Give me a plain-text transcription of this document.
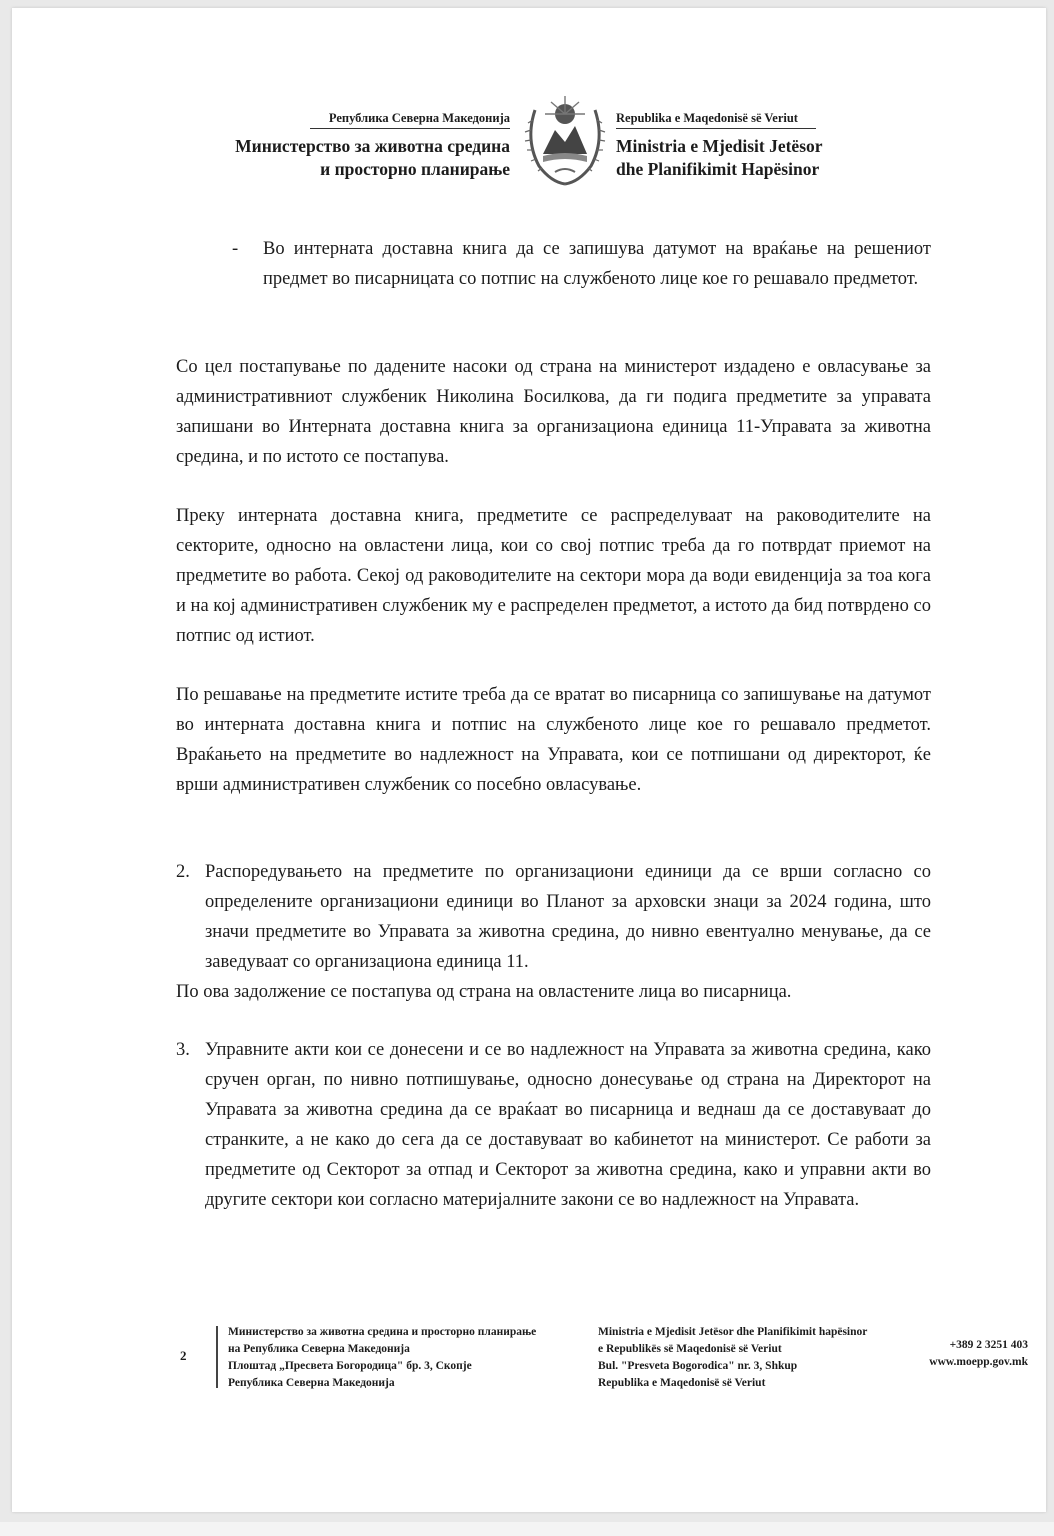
Република Северна Македонија
Министерство за животна средина
и просторно планирање
Republika e Maqedonisë së Veriut
Ministria e Mjedisit Jetësor
dhe Planifikimit Hapësinor
- Во интерната доставна книга да се запишува датумот на враќање на решениот предмет во писарницата со потпис на службеното лице кое го решавало предметот.
Со цел постапување по дадените насоки од страна на министерот издадено е овласување за административниот службеник Николина Босилкова, да ги подига предметите за управата запишани во Интерната доставна книга за организациона единица 11-Управата за животна средина, и по истото се постапува.
Преку интерната доставна книга, предметите се распределуваат на раководителите на секторите, односно на овластени лица, кои со свој потпис треба да го потврдат приемот на предметите во работа. Секој од раководителите на сектори мора да води евиденција за тоа кога и на кој административен службеник му е распределен предметот, а истото да бид потврдено со потпис од истиот.
По решавање на предметите истите треба да се вратат во писарница со запишување на датумот во интерната доставна книга и потпис на службеното лице кое го решавало предметот. Враќањето на предметите во надлежност на Управата, кои се потпишани од директорот, ќе врши административен службеник со посебно овласување.
2. Распоредувањето на предметите по организациони единици да се врши согласно со определените организациони единици во Планот за арховски знаци за 2024 година, што значи предметите во Управата за животна средина, до нивно евентуално менување, да се заведуваат со организациона единица 11.
По ова задолжение се постапува од страна на овластените лица во писарница.
3. Управните акти кои се донесени и се во надлежност на Управата за животна средина, како сручен орган, по нивно потпишување, односно донесување од страна на Директорот на Управата за животна средина да се враќаат во писарница и веднаш да се доставуваат до странките, а не како до сега да се доставуваат во кабинетот на министерот. Се работи за предметите од Секторот за отпад и Секторот за животна средина, како и управни акти во другите сектори кои согласно материјалните закони се во надлежност на Управата.
2
Министерство за животна средина и просторно планирање
на Република Северна Македонија
Плоштад „Пресвета Богородица" бр. 3, Скопје
Република Северна Македонија
Ministria e Mjedisit Jetësor dhe Planifikimit hapësinor
e Republikës së Maqedonisë së Veriut
Bul. "Presveta Bogorodica" nr. 3, Shkup
Republika e Maqedonisë së Veriut
+389 2 3251 403
www.moepp.gov.mk
